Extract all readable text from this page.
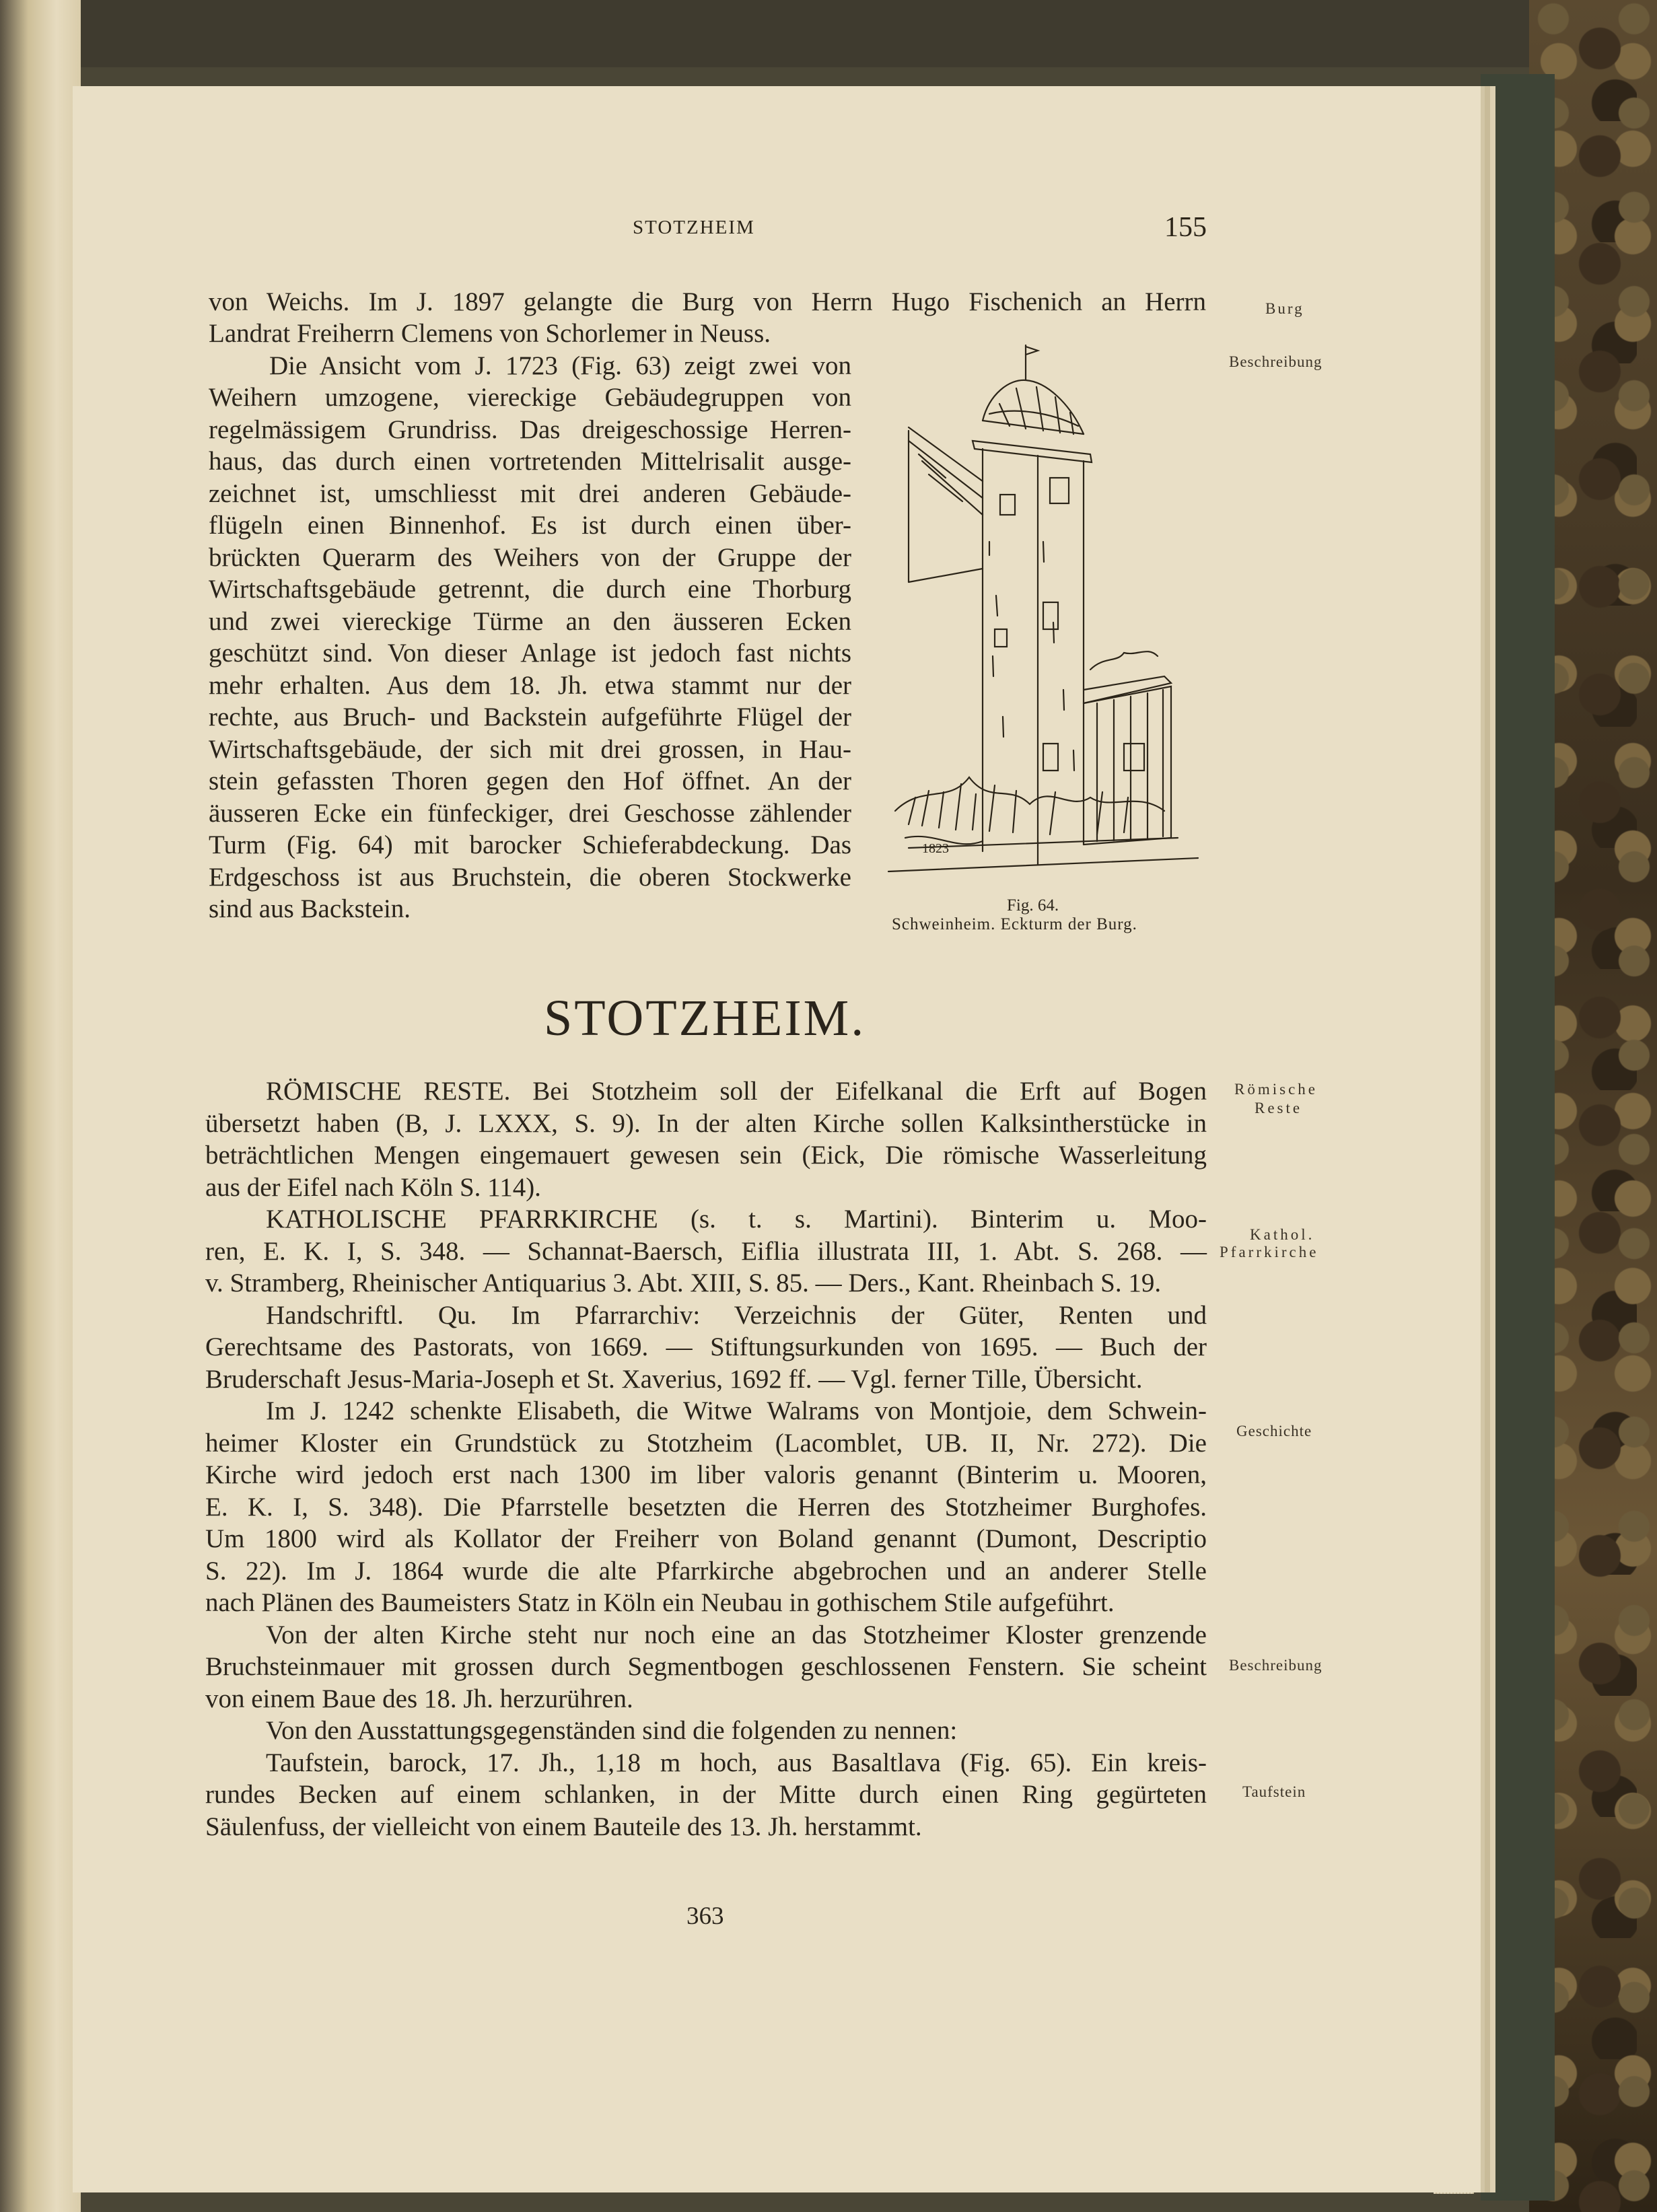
STOTZHEIM	155
von Weichs. Im J. 1897 gelangte die Burg von Herrn Hugo Fischenich an Herrn
Landrat Freiherrn Clemens von Schorlemer in Neuss.
Die Ansicht vom J. 1723 (Fig. 63) zeigt zwei von
Weihern umzogene, viereckige Gebäudegruppen von
regelmässigem Grundriss. Das dreigeschossige Herren-
haus, das durch einen vortretenden Mittelrisalit ausge-
zeichnet ist, umschliesst mit drei anderen Gebäude-
flügeln einen Binnenhof. Es ist durch einen über-
brückten Querarm des Weihers von der Gruppe der
Wirtschaftsgebäude getrennt, die durch eine Thorburg
und zwei viereckige Türme an den äusseren Ecken
geschützt sind. Von dieser Anlage ist jedoch fast nichts
mehr erhalten. Aus dem 18. Jh. etwa stammt nur der
rechte, aus Bruch- und Backstein aufgeführte Flügel der
Wirtschaftsgebäude, der sich mit drei grossen, in Hau-
stein gefassten Thoren gegen den Hof öffnet. An der
äusseren Ecke ein fünfeckiger, drei Geschosse zählender
Turm (Fig. 64) mit barocker Schieferabdeckung. Das
Erdgeschoss ist aus Bruchstein, die oberen Stockwerke
sind aus Backstein.
1823
Fig. 64.
Schweinheim. Eckturm der Burg.
Burg
Beschreibung
Römische
Reste
Kathol.
Pfarrkirche
Geschichte
Beschreibung
Taufstein
STOTZHEIM.
RÖMISCHE RESTE. Bei Stotzheim soll der Eifelkanal die Erft auf Bogen
übersetzt haben (B, J. LXXX, S. 9). In der alten Kirche sollen Kalksintherstücke in
beträchtlichen Mengen eingemauert gewesen sein (Eick, Die römische Wasserleitung
aus der Eifel nach Köln S. 114).
KATHOLISCHE PFARRKIRCHE (s. t. s. Martini). Binterim u. Moo-
ren, E. K. I, S. 348. — Schannat-Baersch, Eiflia illustrata III, 1. Abt. S. 268. —
v. Stramberg, Rheinischer Antiquarius 3. Abt. XIII, S. 85. — Ders., Kant. Rheinbach S. 19.
Handschriftl. Qu. Im Pfarrarchiv: Verzeichnis der Güter, Renten und
Gerechtsame des Pastorats, von 1669. — Stiftungsurkunden von 1695. — Buch der
Bruderschaft Jesus-Maria-Joseph et St. Xaverius, 1692 ff. — Vgl. ferner Tille, Übersicht.
Im J. 1242 schenkte Elisabeth, die Witwe Walrams von Montjoie, dem Schwein-
heimer Kloster ein Grundstück zu Stotzheim (Lacomblet, UB. II, Nr. 272). Die
Kirche wird jedoch erst nach 1300 im liber valoris genannt (Binterim u. Mooren,
E. K. I, S. 348). Die Pfarrstelle besetzten die Herren des Stotzheimer Burghofes.
Um 1800 wird als Kollator der Freiherr von Boland genannt (Dumont, Descriptio
S. 22). Im J. 1864 wurde die alte Pfarrkirche abgebrochen und an anderer Stelle
nach Plänen des Baumeisters Statz in Köln ein Neubau in gothischem Stile aufgeführt.
Von der alten Kirche steht nur noch eine an das Stotzheimer Kloster grenzende
Bruchsteinmauer mit grossen durch Segmentbogen geschlossenen Fenstern. Sie scheint
von einem Baue des 18. Jh. herzurühren.
Von den Ausstattungsgegenständen sind die folgenden zu nennen:
Taufstein, barock, 17. Jh., 1,18 m hoch, aus Basaltlava (Fig. 65). Ein kreis-
rundes Becken auf einem schlanken, in der Mitte durch einen Ring gegürteten
Säulenfuss, der vielleicht von einem Bauteile des 13. Jh. herstammt.
363
